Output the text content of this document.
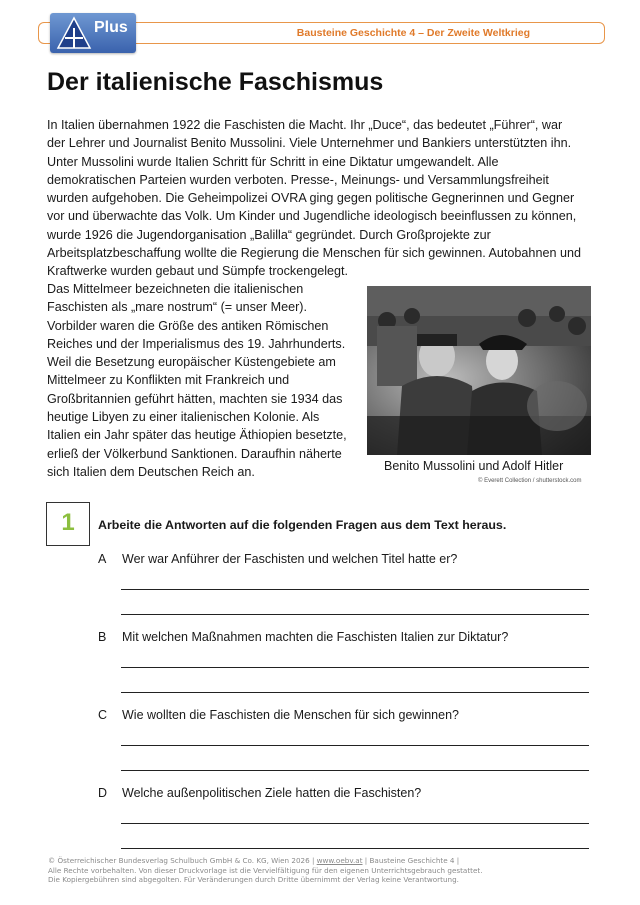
Bausteine Geschichte 4 – Der Zweite Weltkrieg
Plus
Der italienische Faschismus

In Italien übernahmen 1922 die Faschisten die Macht. Ihr „Duce“, das bedeutet „Führer“, war
der Lehrer und Journalist Benito Mussolini. Viele Unternehmer und Bankiers unterstützten ihn.
Unter Mussolini wurde Italien Schritt für Schritt in eine Diktatur umgewandelt. Alle
demokratischen Parteien wurden verboten. Presse-, Meinungs- und Versammlungsfreiheit
wurden aufgehoben. Die Geheimpolizei OVRA ging gegen politische Gegnerinnen und Gegner
vor und überwachte das Volk. Um Kinder und Jugendliche ideologisch beeinflussen zu können,
wurde 1926 die Jugendorganisation „Balilla“ gegründet. Durch Großprojekte zur
Arbeitsplatzbeschaffung wollte die Regierung die Menschen für sich gewinnen. Autobahnen und
Kraftwerke wurden gebaut und Sümpfe trockengelegt.

Das Mittelmeer bezeichneten die italienischen
Faschisten als „mare nostrum“ (= unser Meer).
Vorbilder waren die Größe des antiken Römischen
Reiches und der Imperialismus des 19. Jahrhunderts.
Weil die Besetzung europäischer Küstengebiete am
Mittelmeer zu Konflikten mit Frankreich und
Großbritannien geführt hätten, machten sie 1934 das
heutige Libyen zu einer italienischen Kolonie. Als
Italien ein Jahr später das heutige Äthiopien besetzte,
erließ der Völkerbund Sanktionen. Daraufhin näherte
sich Italien dem Deutschen Reich an.	Benito Mussolini und Adolf Hitler
© Everett Collection / shutterstock.com
1	Arbeite die Antworten auf die folgenden Fragen aus dem Text heraus.
A Wer war Anführer der Faschisten und welchen Titel hatte er?
B Mit welchen Maßnahmen machten die Faschisten Italien zur Diktatur?
C Wie wollten die Faschisten die Menschen für sich gewinnen?
D Welche außenpolitischen Ziele hatten die Faschisten?
© Österreichischer Bundesverlag Schulbuch GmbH & Co. KG, Wien 2026 | www.oebv.at | Bausteine Geschichte 4 |
Alle Rechte vorbehalten. Von dieser Druckvorlage ist die Vervielfältigung für den eigenen Unterrichtsgebrauch gestattet.
Die Kopiergebühren sind abgegolten. Für Veränderungen durch Dritte übernimmt der Verlag keine Verantwortung.
